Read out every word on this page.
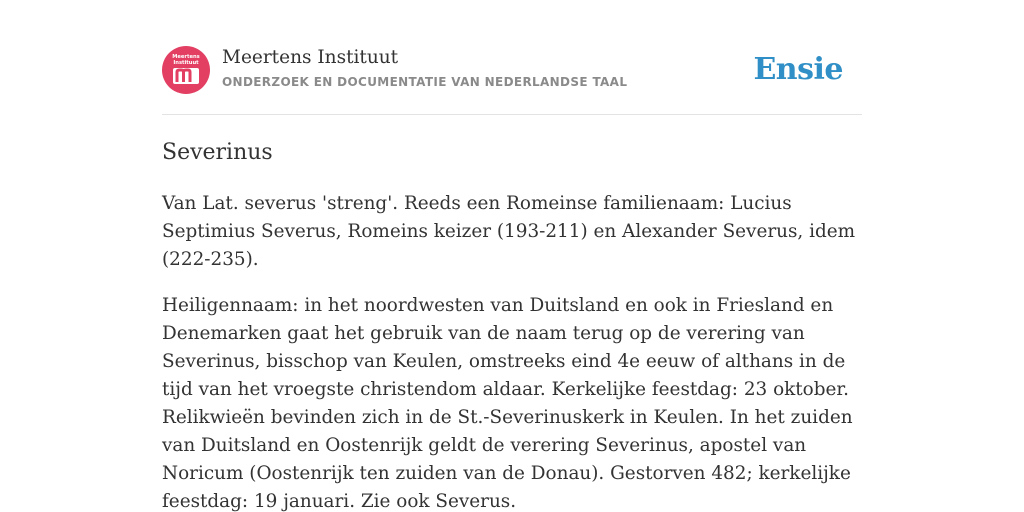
Meertens Instituut	Meertens Instituut
ONDERZOEK EN DOCUMENTATIE VAN NEDERLANDSE TAAL	Ensie
Severinus

Van Lat. severus 'streng'. Reeds een Romeinse familienaam: Lucius Septimius Severus, Romeins keizer (193-211) en Alexander Severus, idem (222-235).

Heiligennaam: in het noordwesten van Duitsland en ook in Friesland en Denemarken gaat het gebruik van de naam terug op de verering van Severinus, bisschop van Keulen, omstreeks eind 4e eeuw of althans in de tijd van het vroegste christendom aldaar. Kerkelijke feestdag: 23 oktober. Relikwieën bevinden zich in de St.-Severinuskerk in Keulen. In het zuiden van Duitsland en Oostenrijk geldt de verering Severinus, apostel van Noricum (Oostenrijk ten zuiden van de Donau). Gestorven 482; kerkelijke feestdag: 19 januari. Zie ook Severus.
